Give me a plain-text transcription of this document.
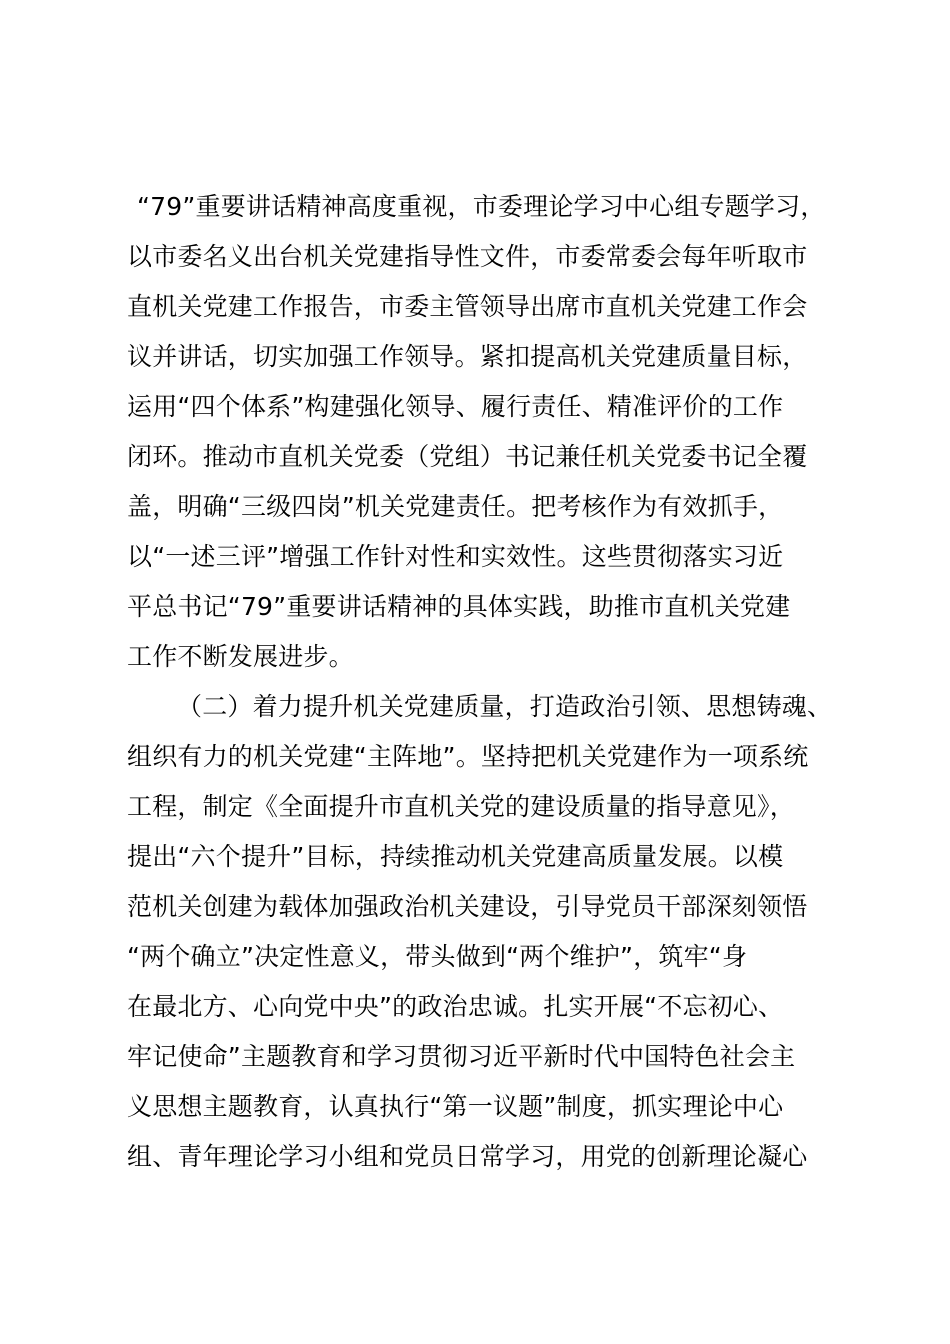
“79”重要讲话精神高度重视，市委理论学习中心组专题学习，
以市委名义出台机关党建指导性文件，市委常委会每年听取市
直机关党建工作报告，市委主管领导出席市直机关党建工作会
议并讲话，切实加强工作领导。紧扣提高机关党建质量目标，
运用“四个体系”构建强化领导、履行责任、精准评价的工作
闭环。推动市直机关党委（党组）书记兼任机关党委书记全覆
盖，明确“三级四岗”机关党建责任。把考核作为有效抓手，
以“一述三评”增强工作针对性和实效性。这些贯彻落实习近
平总书记“79”重要讲话精神的具体实践，助推市直机关党建
工作不断发展进步。
（二）着力提升机关党建质量，打造政治引领、思想铸魂、
组织有力的机关党建“主阵地”。坚持把机关党建作为一项系统
工程，制定《全面提升市直机关党的建设质量的指导意见》，
提出“六个提升”目标，持续推动机关党建高质量发展。以模
范机关创建为载体加强政治机关建设，引导党员干部深刻领悟
“两个确立”决定性意义，带头做到“两个维护”，筑牢“身
在最北方、心向党中央”的政治忠诚。扎实开展“不忘初心、
牢记使命”主题教育和学习贯彻习近平新时代中国特色社会主
义思想主题教育，认真执行“第一议题”制度，抓实理论中心
组、青年理论学习小组和党员日常学习，用党的创新理论凝心
